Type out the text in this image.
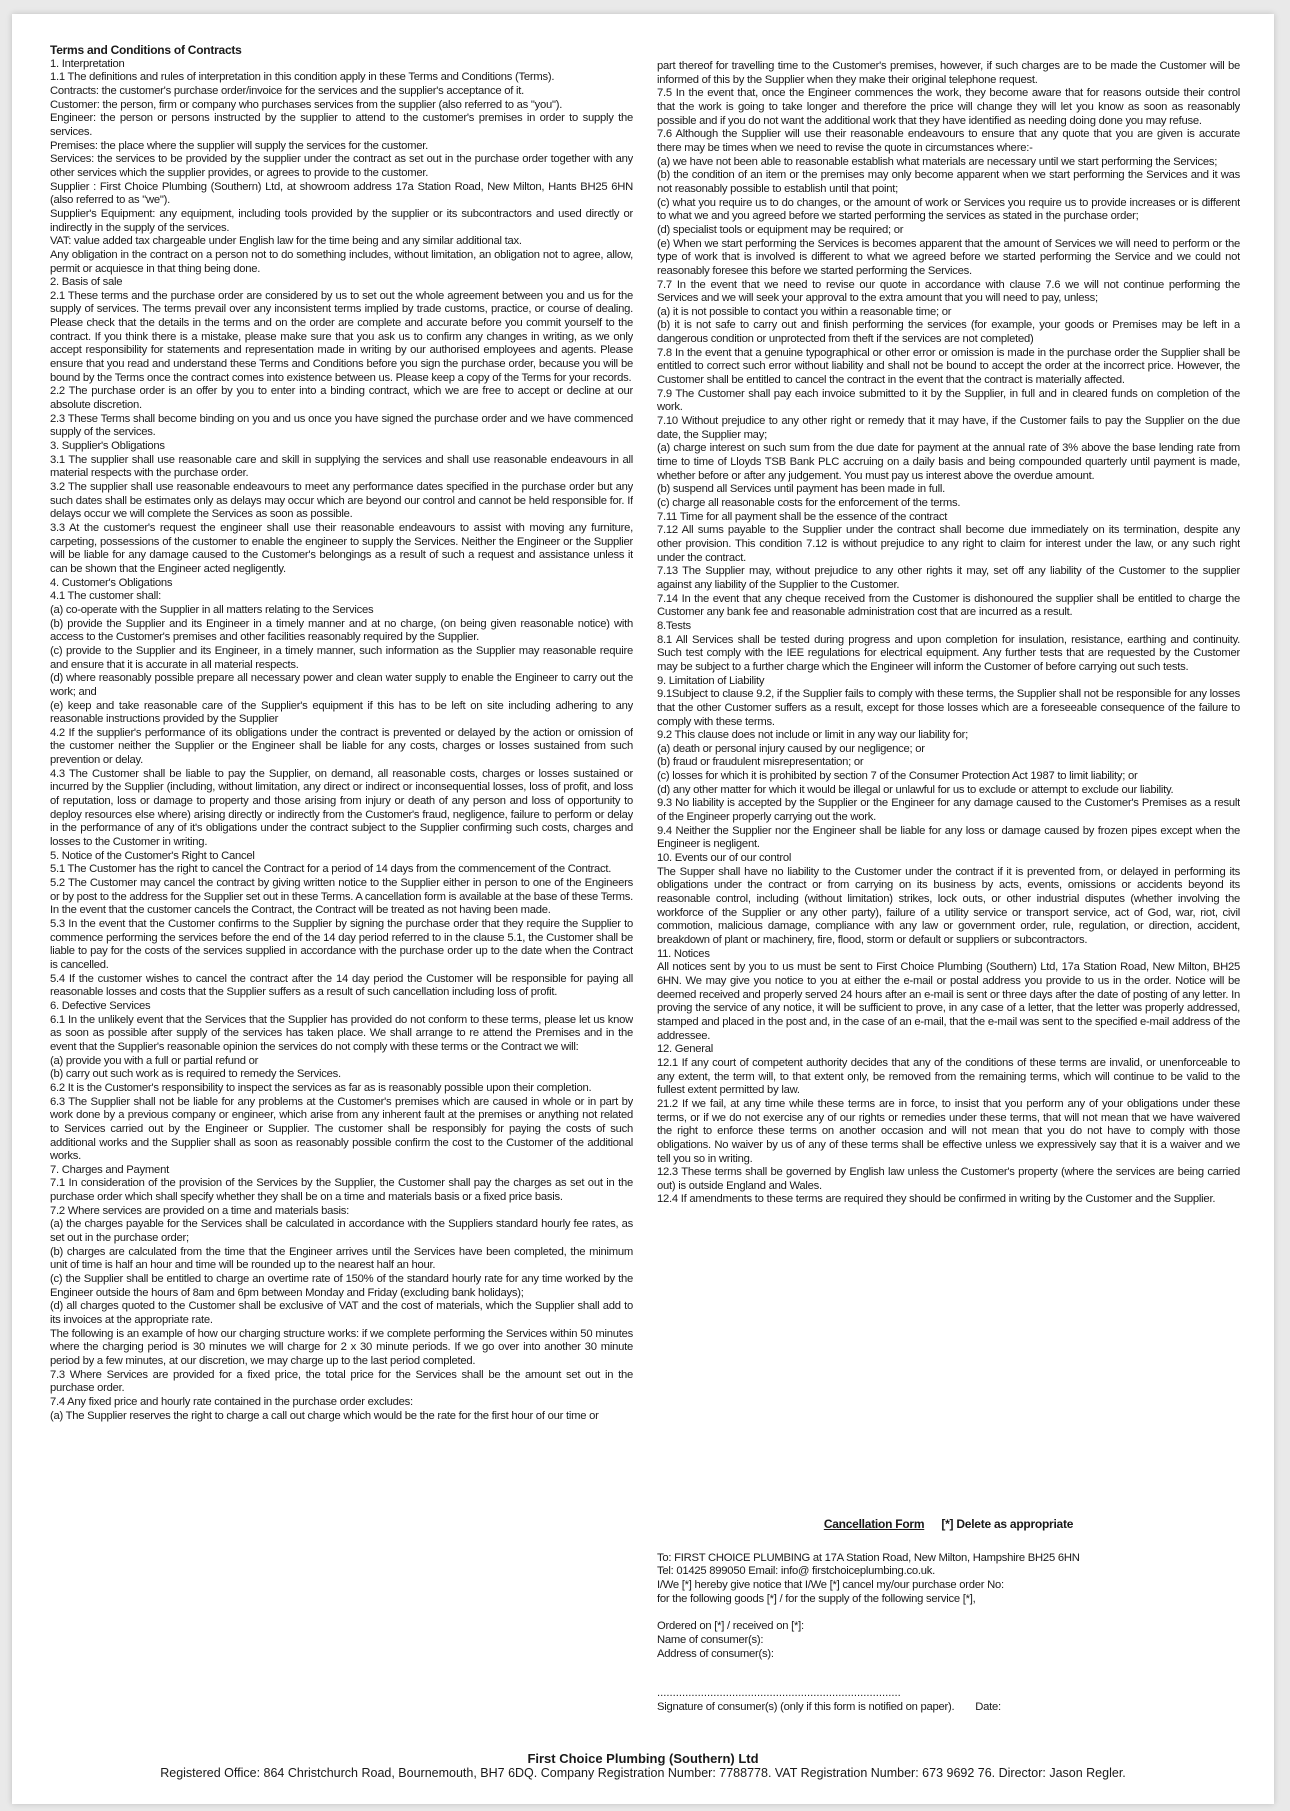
Terms and Conditions of Contracts

1. Interpretation

1.1 The definitions and rules of interpretation in this condition apply in these Terms and Conditions (Terms).

Contracts: the customer's purchase order/invoice for the services and the supplier's acceptance of it.

Customer: the person, firm or company who purchases services from the supplier (also referred to as "you").

Engineer: the person or persons instructed by the supplier to attend to the customer's premises in order to supply the services.

Premises: the place where the supplier will supply the services for the customer.

Services: the services to be provided by the supplier under the contract as set out in the purchase order together with any other services which the supplier provides, or agrees to provide to the customer.

Supplier : First Choice Plumbing (Southern) Ltd, at showroom address 17a Station Road, New Milton, Hants BH25 6HN (also referred to as "we").

Supplier's Equipment: any equipment, including tools provided by the supplier or its subcontractors and used directly or indirectly in the supply of the services.

VAT: value added tax chargeable under English law for the time being and any similar additional tax.

Any obligation in the contract on a person not to do something includes, without limitation, an obligation not to agree, allow, permit or acquiesce in that thing being done.

2. Basis of sale

2.1 These terms and the purchase order are considered by us to set out the whole agreement between you and us for the supply of services. The terms prevail over any inconsistent terms implied by trade customs, practice, or course of dealing. Please check that the details in the terms and on the order are complete and accurate before you commit yourself to the contract. If you think there is a mistake, please make sure that you ask us to confirm any changes in writing, as we only accept responsibility for statements and representation made in writing by our authorised employees and agents. Please ensure that you read and understand these Terms and Conditions before you sign the purchase order, because you will be bound by the Terms once the contract comes into existence between us. Please keep a copy of the Terms for your records.

2.2 The purchase order is an offer by you to enter into a binding contract, which we are free to accept or decline at our absolute discretion.

2.3 These Terms shall become binding on you and us once you have signed the purchase order and we have commenced supply of the services.

3. Supplier's Obligations

3.1 The supplier shall use reasonable care and skill in supplying the services and shall use reasonable endeavours in all material respects with the purchase order.

3.2 The supplier shall use reasonable endeavours to meet any performance dates specified in the purchase order but any such dates shall be estimates only as delays may occur which are beyond our control and cannot be held responsible for. If delays occur we will complete the Services as soon as possible.

3.3 At the customer's request the engineer shall use their reasonable endeavours to assist with moving any furniture, carpeting, possessions of the customer to enable the engineer to supply the Services. Neither the Engineer or the Supplier will be liable for any damage caused to the Customer's belongings as a result of such a request and assistance unless it can be shown that the Engineer acted negligently.

4. Customer's Obligations

4.1 The customer shall:

(a) co-operate with the Supplier in all matters relating to the Services

(b) provide the Supplier and its Engineer in a timely manner and at no charge, (on being given reasonable notice) with access to the Customer's premises and other facilities reasonably required by the Supplier.

(c) provide to the Supplier and its Engineer, in a timely manner, such information as the Supplier may reasonable require and ensure that it is accurate in all material respects.

(d) where reasonably possible prepare all necessary power and clean water supply to enable the Engineer to carry out the work; and

(e) keep and take reasonable care of the Supplier's equipment if this has to be left on site including adhering to any reasonable instructions provided by the Supplier

4.2 If the supplier's performance of its obligations under the contract is prevented or delayed by the action or omission of the customer neither the Supplier or the Engineer shall be liable for any costs, charges or losses sustained from such prevention or delay.

4.3 The Customer shall be liable to pay the Supplier, on demand, all reasonable costs, charges or losses sustained or incurred by the Supplier (including, without limitation, any direct or indirect or inconsequential losses, loss of profit, and loss of reputation, loss or damage to property and those arising from injury or death of any person and loss of opportunity to deploy resources else where) arising directly or indirectly from the Customer's fraud, negligence, failure to perform or delay in the performance of any of it's obligations under the contract subject to the Supplier confirming such costs, charges and losses to the Customer in writing.

5. Notice of the Customer's Right to Cancel

5.1 The Customer has the right to cancel the Contract for a period of 14 days from the commencement of the Contract.

5.2 The Customer may cancel the contract by giving written notice to the Supplier either in person to one of the Engineers or by post to the address for the Supplier set out in these Terms. A cancellation form is available at the base of these Terms. In the event that the customer cancels the Contract, the Contract will be treated as not having been made.

5.3 In the event that the Customer confirms to the Supplier by signing the purchase order that they require the Supplier to commence performing the services before the end of the 14 day period referred to in the clause 5.1, the Customer shall be liable to pay for the costs of the services supplied in accordance with the purchase order up to the date when the Contract is cancelled.

5.4 If the customer wishes to cancel the contract after the 14 day period the Customer will be responsible for paying all reasonable losses and costs that the Supplier suffers as a result of such cancellation including loss of profit.

6. Defective Services

6.1 In the unlikely event that the Services that the Supplier has provided do not conform to these terms, please let us know as soon as possible after supply of the services has taken place. We shall arrange to re attend the Premises and in the event that the Supplier's reasonable opinion the services do not comply with these terms or the Contract we will:

(a) provide you with a full or partial refund or

(b) carry out such work as is required to remedy the Services.

6.2 It is the Customer's responsibility to inspect the services as far as is reasonably possible upon their completion.

6.3 The Supplier shall not be liable for any problems at the Customer's premises which are caused in whole or in part by work done by a previous company or engineer, which arise from any inherent fault at the premises or anything not related to Services carried out by the Engineer or Supplier. The customer shall be responsibly for paying the costs of such additional works and the Supplier shall as soon as reasonably possible confirm the cost to the Customer of the additional works.

7. Charges and Payment

7.1 In consideration of the provision of the Services by the Supplier, the Customer shall pay the charges as set out in the purchase order which shall specify whether they shall be on a time and materials basis or a fixed price basis.

7.2 Where services are provided on a time and materials basis:

(a) the charges payable for the Services shall be calculated in accordance with the Suppliers standard hourly fee rates, as set out in the purchase order;

(b) charges are calculated from the time that the Engineer arrives until the Services have been completed, the minimum unit of time is half an hour and time will be rounded up to the nearest half an hour.

(c) the Supplier shall be entitled to charge an overtime rate of 150% of the standard hourly rate for any time worked by the Engineer outside the hours of 8am and 6pm between Monday and Friday (excluding bank holidays);

(d) all charges quoted to the Customer shall be exclusive of VAT and the cost of materials, which the Supplier shall add to its invoices at the appropriate rate.

The following is an example of how our charging structure works: if we complete performing the Services within 50 minutes where the charging period is 30 minutes we will charge for 2 x 30 minute periods. If we go over into another 30 minute period by a few minutes, at our discretion, we may charge up to the last period completed.

7.3 Where Services are provided for a fixed price, the total price for the Services shall be the amount set out in the purchase order.

7.4 Any fixed price and hourly rate contained in the purchase order excludes:

(a) The Supplier reserves the right to charge a call out charge which would be the rate for the first hour of our time or

part thereof for travelling time to the Customer's premises, however, if such charges are to be made the Customer will be informed of this by the Supplier when they make their original telephone request.

7.5 In the event that, once the Engineer commences the work, they become aware that for reasons outside their control that the work is going to take longer and therefore the price will change they will let you know as soon as reasonably possible and if you do not want the additional work that they have identified as needing doing done you may refuse.

7.6 Although the Supplier will use their reasonable endeavours to ensure that any quote that you are given is accurate there may be times when we need to revise the quote in circumstances where:-

(a) we have not been able to reasonable establish what materials are necessary until we start performing the Services;

(b) the condition of an item or the premises may only become apparent when we start performing the Services and it was not reasonably possible to establish until that point;

(c) what you require us to do changes, or the amount of work or Services you require us to provide increases or is different to what we and you agreed before we started performing the services as stated in the purchase order;

(d) specialist tools or equipment may be required; or

(e) When we start performing the Services is becomes apparent that the amount of Services we will need to perform or the type of work that is involved is different to what we agreed before we started performing the Service and we could not reasonably foresee this before we started performing the Services.

7.7 In the event that we need to revise our quote in accordance with clause 7.6 we will not continue performing the Services and we will seek your approval to the extra amount that you will need to pay, unless;

(a) it is not possible to contact you within a reasonable time; or

(b) it is not safe to carry out and finish performing the services (for example, your goods or Premises may be left in a dangerous condition or unprotected from theft if the services are not completed)

7.8 In the event that a genuine typographical or other error or omission is made in the purchase order the Supplier shall be entitled to correct such error without liability and shall not be bound to accept the order at the incorrect price. However, the Customer shall be entitled to cancel the contract in the event that the contract is materially affected.

7.9 The Customer shall pay each invoice submitted to it by the Supplier, in full and in cleared funds on completion of the work.

7.10 Without prejudice to any other right or remedy that it may have, if the Customer fails to pay the Supplier on the due date, the Supplier may;

(a) charge interest on such sum from the due date for payment at the annual rate of 3% above the base lending rate from time to time of Lloyds TSB Bank PLC accruing on a daily basis and being compounded quarterly until payment is made, whether before or after any judgement. You must pay us interest above the overdue amount.

(b) suspend all Services until payment has been made in full.

(c) charge all reasonable costs for the enforcement of the terms.

7.11 Time for all payment shall be the essence of the contract

7.12 All sums payable to the Supplier under the contract shall become due immediately on its termination, despite any other provision. This condition 7.12 is without prejudice to any right to claim for interest under the law, or any such right under the contract.

7.13 The Supplier may, without prejudice to any other rights it may, set off any liability of the Customer to the supplier against any liability of the Supplier to the Customer.

7.14 In the event that any cheque received from the Customer is dishonoured the supplier shall be entitled to charge the Customer any bank fee and reasonable administration cost that are incurred as a result.

8.Tests

8.1 All Services shall be tested during progress and upon completion for insulation, resistance, earthing and continuity. Such test comply with the IEE regulations for electrical equipment. Any further tests that are requested by the Customer may be subject to a further charge which the Engineer will inform the Customer of before carrying out such tests.

9. Limitation of Liability

9.1Subject to clause 9.2, if the Supplier fails to comply with these terms, the Supplier shall not be responsible for any losses that the other Customer suffers as a result, except for those losses which are a foreseeable consequence of the failure to comply with these terms.

9.2 This clause does not include or limit in any way our liability for;

(a) death or personal injury caused by our negligence; or

(b) fraud or fraudulent misrepresentation; or

(c) losses for which it is prohibited by section 7 of the Consumer Protection Act 1987 to limit liability; or

(d) any other matter for which it would be illegal or unlawful for us to exclude or attempt to exclude our liability.

9.3 No liability is accepted by the Supplier or the Engineer for any damage caused to the Customer's Premises as a result of the Engineer properly carrying out the work.

9.4 Neither the Supplier nor the Engineer shall be liable for any loss or damage caused by frozen pipes except when the Engineer is negligent.

10. Events our of our control

The Supper shall have no liability to the Customer under the contract if it is prevented from, or delayed in performing its obligations under the contract or from carrying on its business by acts, events, omissions or accidents beyond its reasonable control, including (without limitation) strikes, lock outs, or other industrial disputes (whether involving the workforce of the Supplier or any other party), failure of a utility service or transport service, act of God, war, riot, civil commotion, malicious damage, compliance with any law or government order, rule, regulation, or direction, accident, breakdown of plant or machinery, fire, flood, storm or default or suppliers or subcontractors.

11. Notices

All notices sent by you to us must be sent to First Choice Plumbing (Southern) Ltd, 17a Station Road, New Milton, BH25 6HN. We may give you notice to you at either the e-mail or postal address you provide to us in the order. Notice will be deemed received and properly served 24 hours after an e-mail is sent or three days after the date of posting of any letter. In proving the service of any notice, it will be sufficient to prove, in any case of a letter, that the letter was properly addressed, stamped and placed in the post and, in the case of an e-mail, that the e-mail was sent to the specified e-mail address of the addressee.

12. General

12.1 If any court of competent authority decides that any of the conditions of these terms are invalid, or unenforceable to any extent, the term will, to that extent only, be removed from the remaining terms, which will continue to be valid to the fullest extent permitted by law.

21.2 If we fail, at any time while these terms are in force, to insist that you perform any of your obligations under these terms, or if we do not exercise any of our rights or remedies under these terms, that will not mean that we have waivered the right to enforce these terms on another occasion and will not mean that you do not have to comply with those obligations. No waiver by us of any of these terms shall be effective unless we expressively say that it is a waiver and we tell you so in writing.

12.3 These terms shall be governed by English law unless the Customer's property (where the services are being carried out) is outside England and Wales.

12.4 If amendments to these terms are required they should be confirmed in writing by the Customer and the Supplier.

Cancellation Form [*] Delete as appropriate
To: FIRST CHOICE PLUMBING at 17A Station Road, New Milton, Hampshire BH25 6HN
Tel: 01425 899050 Email: info@ firstchoiceplumbing.co.uk.
I/We [*] hereby give notice that I/We [*] cancel my/our purchase order No:
for the following goods [*] / for the supply of the following service [*],
Ordered on [*] / received on [*]:
Name of consumer(s):
Address of consumer(s):
..............................................................................
Signature of consumer(s) (only if this form is notified on paper). Date:
First Choice Plumbing (Southern) Ltd
Registered Office: 864 Christchurch Road, Bournemouth, BH7 6DQ. Company Registration Number: 7788778. VAT Registration Number: 673 9692 76. Director: Jason Regler.
